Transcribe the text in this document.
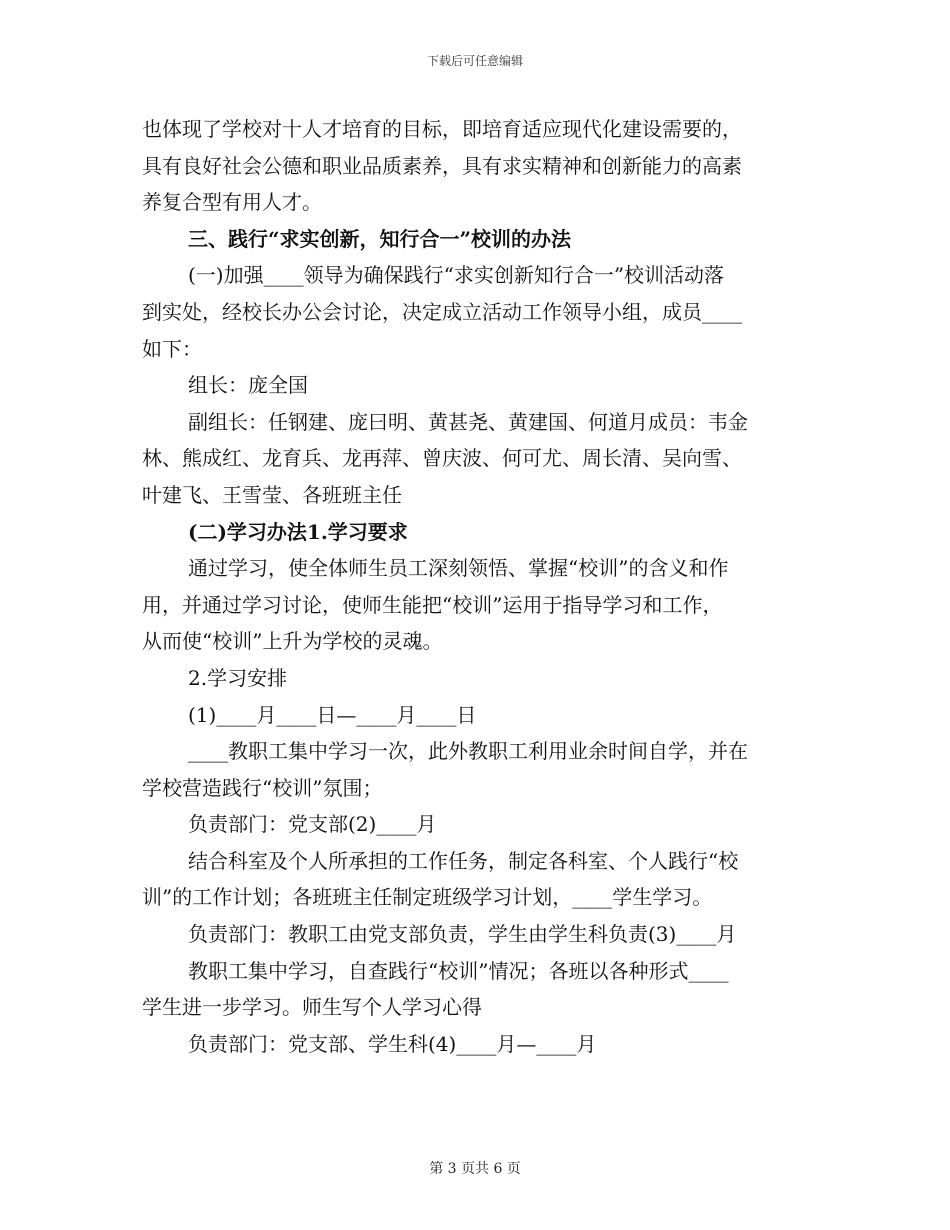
下载后可任意编辑
也体现了学校对十人才培育的目标，即培育适应现代化建设需要的，
具有良好社会公德和职业品质素养，具有求实精神和创新能力的高素
养复合型有用人才。
三、践行“求实创新，知行合一”校训的办法
(一)加强____领导为确保践行“求实创新知行合一”校训活动落
到实处，经校长办公会讨论，决定成立活动工作领导小组，成员____
如下：
组长：庞全国
副组长：任钢建、庞曰明、黄甚尧、黄建国、何道月成员：韦金
林、熊成红、龙育兵、龙再萍、曾庆波、何可尤、周长清、吴向雪、
叶建飞、王雪莹、各班班主任
(二)学习办法1.学习要求
通过学习，使全体师生员工深刻领悟、掌握“校训”的含义和作
用，并通过学习讨论，使师生能把“校训”运用于指导学习和工作，
从而使“校训”上升为学校的灵魂。
2.学习安排
(1)____月____日—____月____日
____教职工集中学习一次，此外教职工利用业余时间自学，并在
学校营造践行“校训”氛围；
负责部门：党支部(2)____月
结合科室及个人所承担的工作任务，制定各科室、个人践行“校
训”的工作计划；各班班主任制定班级学习计划，____学生学习。
负责部门：教职工由党支部负责，学生由学生科负责(3)____月
教职工集中学习，自查践行“校训”情况；各班以各种形式____
学生进一步学习。师生写个人学习心得
负责部门：党支部、学生科(4)____月—____月
第 3 页共 6 页
